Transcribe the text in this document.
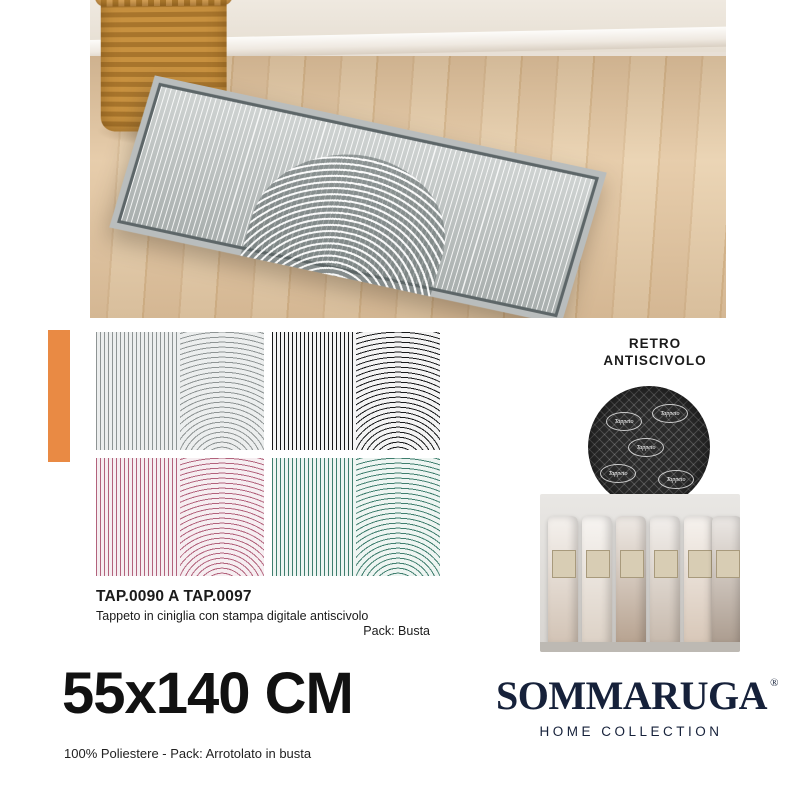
TAP.0090 A TAP.0097

Tappeto in ciniglia con stampa digitale antiscivolo

Pack: Busta

55x140 CM
100% Poliestere - Pack: Arrotolato in busta
RETRO
ANTISCIVOLO
Tappeto
Tappeto
Tappeto
Tappeto
Tappeto
SOMMARUGA ®
HOME COLLECTION
